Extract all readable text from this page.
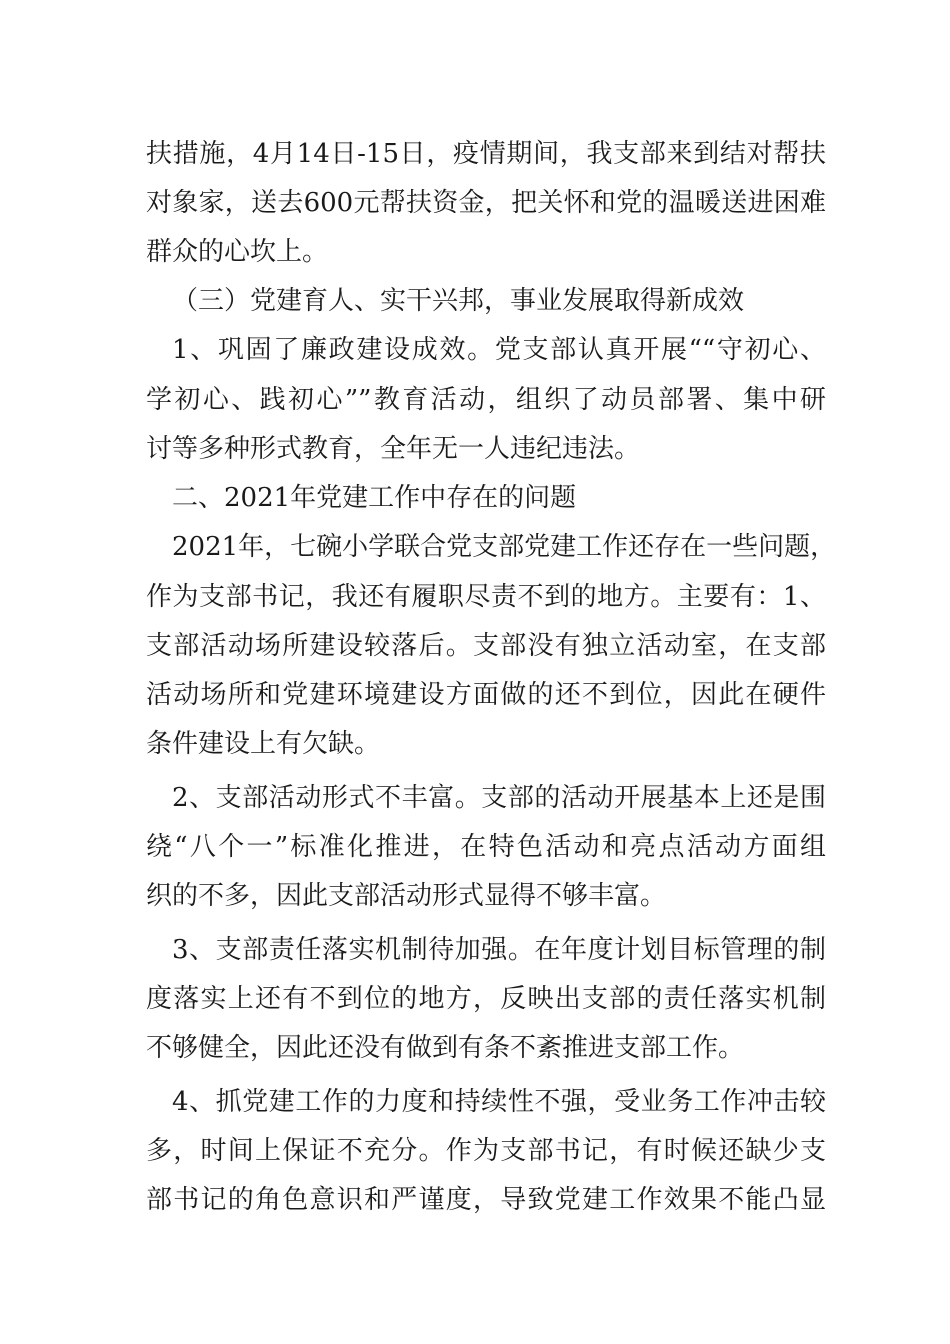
扶措施，4月14日-15日，疫情期间，我支部来到结对帮扶
对象家，送去600元帮扶资金，把关怀和党的温暖送进困难
群众的心坎上。
（三）党建育人、实干兴邦，事业发展取得新成效
1、巩固了廉政建设成效。党支部认真开展““守初心、
学初心、践初心””教育活动，组织了动员部署、集中研
讨等多种形式教育，全年无一人违纪违法。
二、2021年党建工作中存在的问题
2021年，七碗小学联合党支部党建工作还存在一些问题，
作为支部书记，我还有履职尽责不到的地方。主要有：1、
支部活动场所建设较落后。支部没有独立活动室，在支部
活动场所和党建环境建设方面做的还不到位，因此在硬件
条件建设上有欠缺。
2、支部活动形式不丰富。支部的活动开展基本上还是围
绕“八个一”标准化推进，在特色活动和亮点活动方面组
织的不多，因此支部活动形式显得不够丰富。
3、支部责任落实机制待加强。在年度计划目标管理的制
度落实上还有不到位的地方，反映出支部的责任落实机制
不够健全，因此还没有做到有条不紊推进支部工作。
4、抓党建工作的力度和持续性不强，受业务工作冲击较
多，时间上保证不充分。作为支部书记，有时候还缺少支
部书记的角色意识和严谨度，导致党建工作效果不能凸显
